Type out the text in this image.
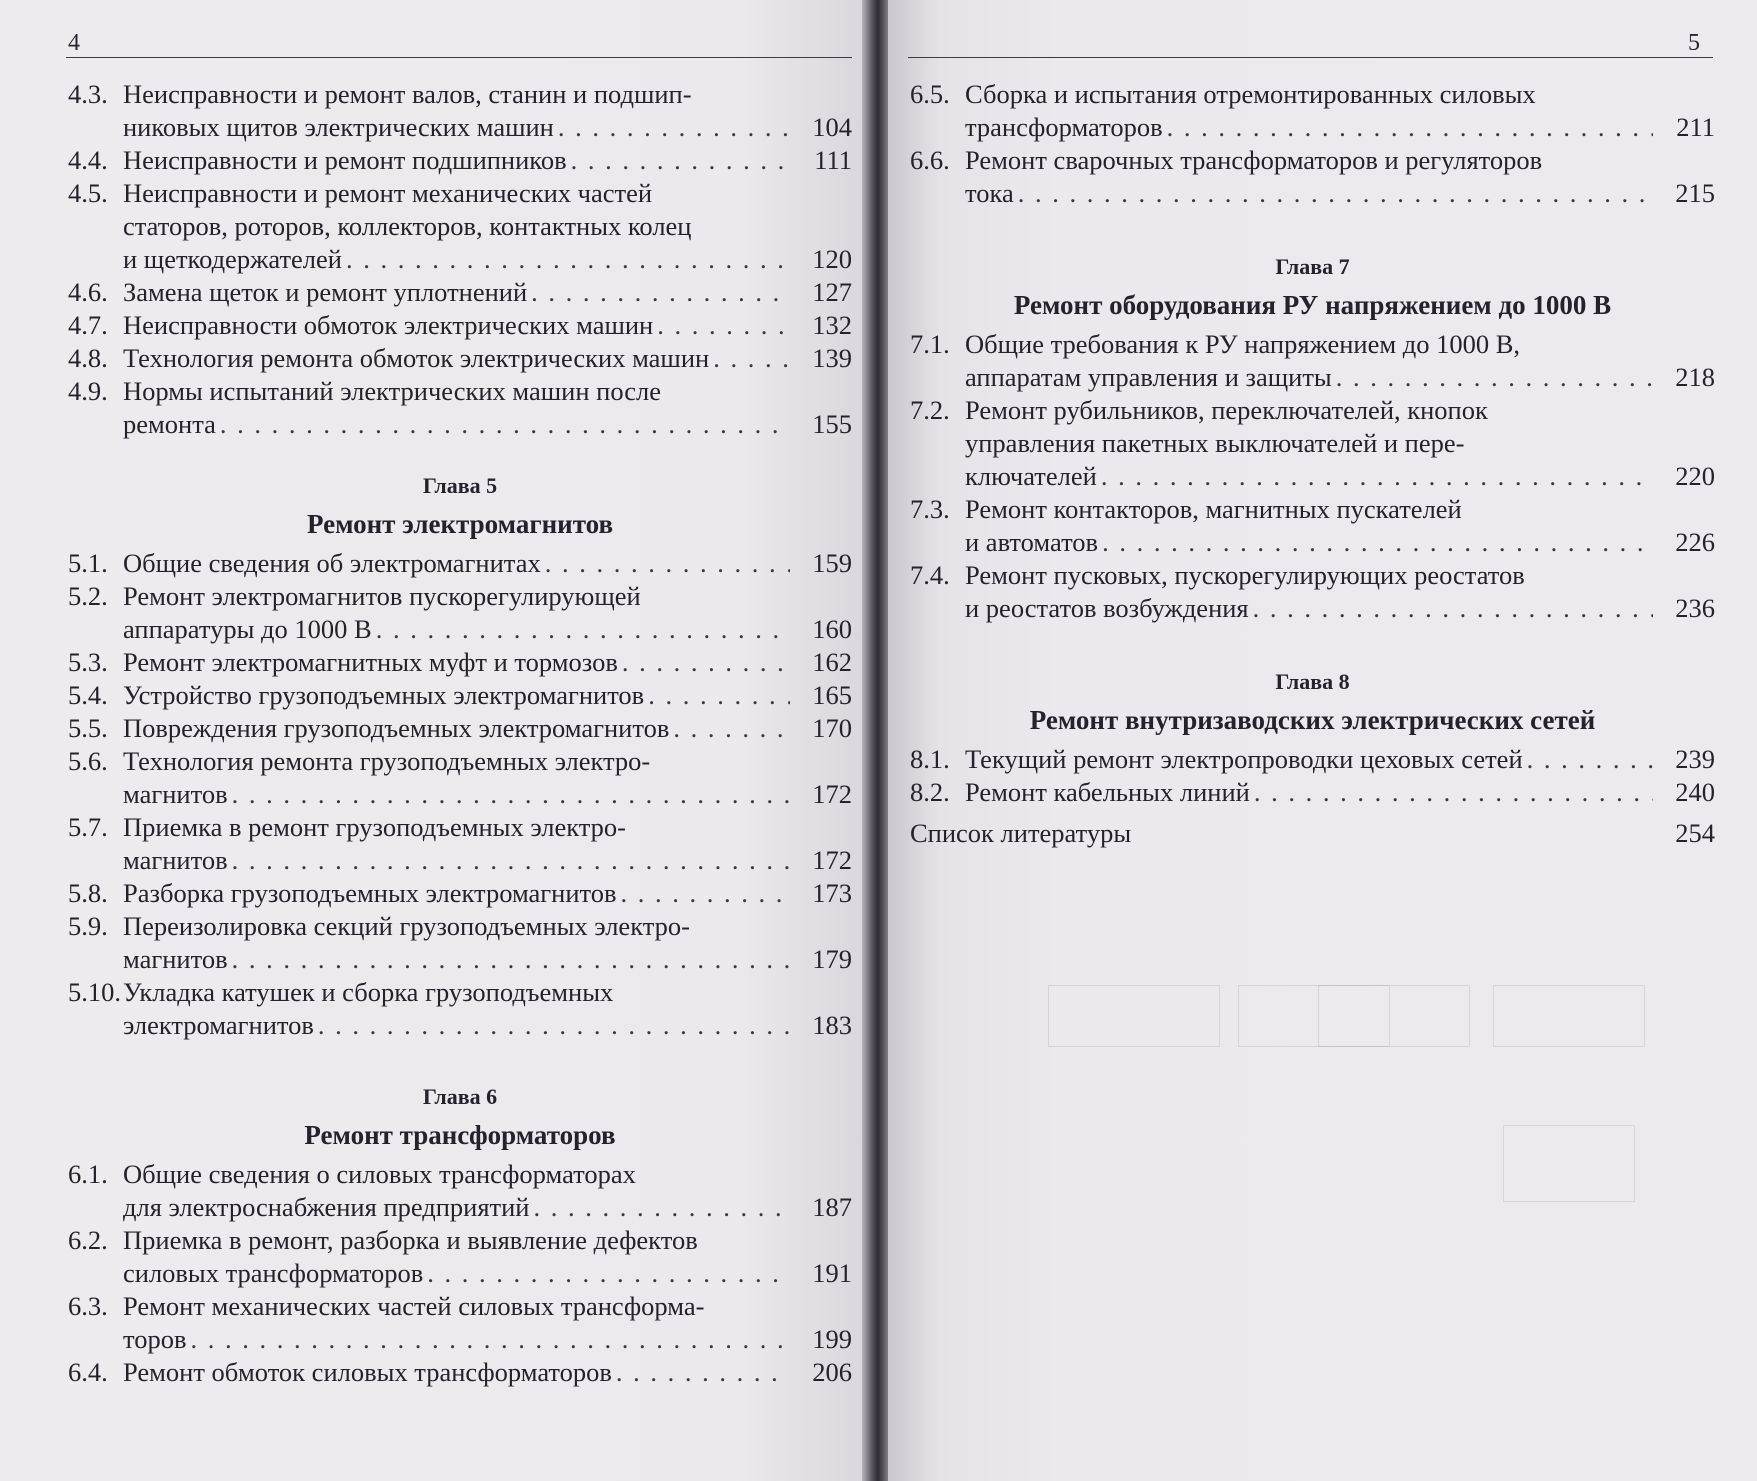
4
4.3. Неисправности и ремонт валов, станин и подшип-
никовых щитов электрических машин . . .	104
4.4. Неисправности и ремонт подшипников . . .	111
4.5. Неисправности и ремонт механических частей
статоров, роторов, коллекторов, контактных колец
и щеткодержателей . . .	120
4.6. Замена щеток и ремонт уплотнений . . .	127
4.7. Неисправности обмоток электрических машин . . .	132
4.8. Технология ремонта обмоток электрических машин . . .	139
4.9. Нормы испытаний электрических машин после
ремонта . . .	155
Глава 5
Ремонт электромагнитов
5.1. Общие сведения об электромагнитах . . .	159
5.2. Ремонт электромагнитов пускорегулирующей
аппаратуры до 1000 В . . .	160
5.3. Ремонт электромагнитных муфт и тормозов . . .	162
5.4. Устройство грузоподъемных электромагнитов . . .	165
5.5. Повреждения грузоподъемных электромагнитов . . .	170
5.6. Технология ремонта грузоподъемных электро-
магнитов . . .	172
5.7. Приемка в ремонт грузоподъемных электро-
магнитов . . .	172
5.8. Разборка грузоподъемных электромагнитов . . .	173
5.9. Переизолировка секций грузоподъемных электро-
магнитов . . .	179
5.10. Укладка катушек и сборка грузоподъемных
электромагнитов . . .	183
Глава 6
Ремонт трансформаторов
6.1. Общие сведения о силовых трансформаторах
для электроснабжения предприятий . . .	187
6.2. Приемка в ремонт, разборка и выявление дефектов
силовых трансформаторов . . .	191
6.3. Ремонт механических частей силовых трансформа-
торов . . .	199
6.4. Ремонт обмоток силовых трансформаторов . . .	206
5
6.5. Сборка и испытания отремонтированных силовых
трансформаторов . . .	211
6.6. Ремонт сварочных трансформаторов и регуляторов
тока . . .	215
Глава 7
Ремонт оборудования РУ напряжением до 1000 В
7.1. Общие требования к РУ напряжением до 1000 В,
аппаратам управления и защиты . . .	218
7.2. Ремонт рубильников, переключателей, кнопок
управления пакетных выключателей и пере-
ключателей . . .	220
7.3. Ремонт контакторов, магнитных пускателей
и автоматов . . .	226
7.4. Ремонт пусковых, пускорегулирующих реостатов
и реостатов возбуждения . . .	236
Глава 8
Ремонт внутризаводских электрических сетей
8.1. Текущий ремонт электропроводки цеховых сетей . . .	239
8.2. Ремонт кабельных линий . . .	240
Список литературы	254
